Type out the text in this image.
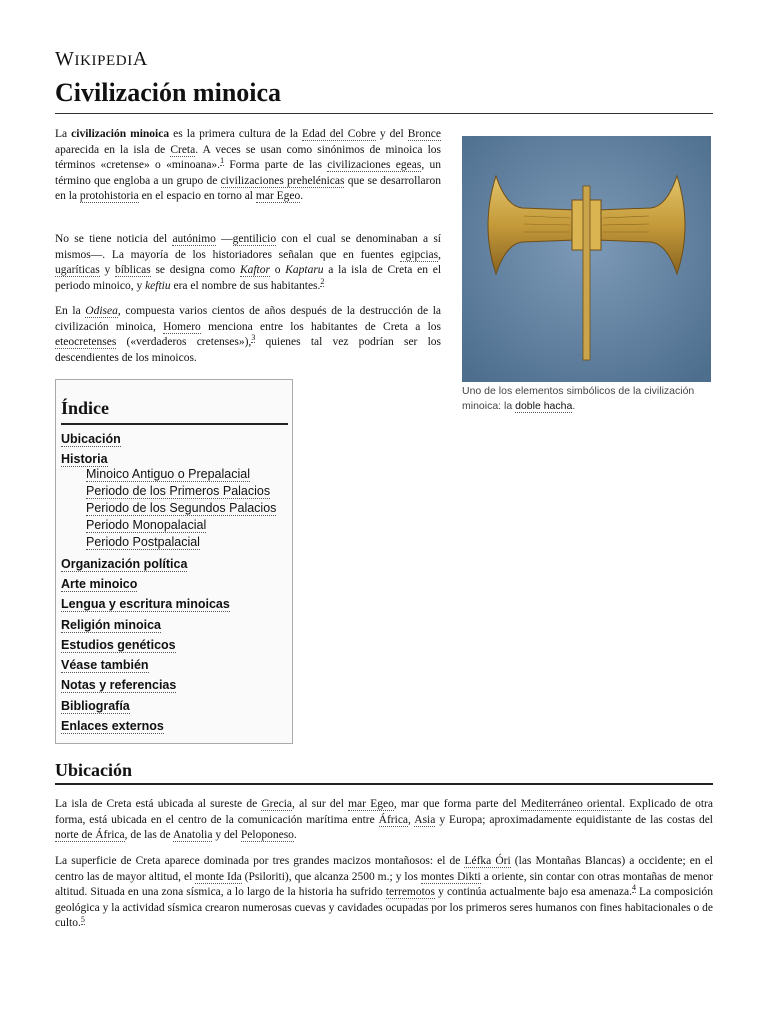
WIKIPEDIA
Civilización minoica

La civilización minoica es la primera cultura de la Edad del Cobre y del Bronce aparecida en la isla de Creta. A veces se usan como sinónimos de minoica los términos «cretense» o «minoana».$^1$ Forma parte de las civilizaciones egeas, un término que engloba a un grupo de civilizaciones prehelénicas que se desarrollaron en la protohistoria en el espacio en torno al mar Egeo.

No se tiene noticia del autónimo —gentilicio con el cual se denominaban a sí mismos—. La mayoría de los historiadores señalan que en fuentes egipcias, ugaríticas y bíblicas se designa como Kaftor o Kaptaru a la isla de Creta en el periodo minoico, y keftiu era el nombre de sus habitantes.$^2$

En la Odisea, compuesta varios cientos de años después de la destrucción de la civilización minoica, Homero menciona entre los habitantes de Creta a los eteocretenses («verdaderos cretenses»),$^3$ quienes tal vez podrían ser los descendientes de los minoicos.

Uno de los elementos simbólicos de la civilización minoica: la doble hacha.

Índice
Ubicación
Historia
Minoico Antiguo o Prepalacial
Periodo de los Primeros Palacios
Periodo de los Segundos Palacios
Periodo Monopalacial
Periodo Postpalacial
Organización política
Arte minoico
Lengua y escritura minoicas
Religión minoica
Estudios genéticos
Véase también
Notas y referencias
Bibliografía
Enlaces externos
Ubicación

La isla de Creta está ubicada al sureste de Grecia, al sur del mar Egeo, mar que forma parte del Mediterráneo oriental. Explicado de otra forma, está ubicada en el centro de la comunicación marítima entre África, Asia y Europa; aproximadamente equidistante de las costas del norte de África, de las de Anatolia y del Peloponeso.

La superficie de Creta aparece dominada por tres grandes macizos montañosos: el de Léfka Óri (las Montañas Blancas) a occidente; en el centro las de mayor altitud, el monte Ida (Psiloriti), que alcanza 2500 m.; y los montes Dikti a oriente, sin contar con otras montañas de menor altitud. Situada en una zona sísmica, a lo largo de la historia ha sufrido terremotos y continúa actualmente bajo esa amenaza.$^4$ La composición geológica y la actividad sísmica crearon numerosas cuevas y cavidades ocupadas por los primeros seres humanos con fines habitacionales o de culto.$^5$
